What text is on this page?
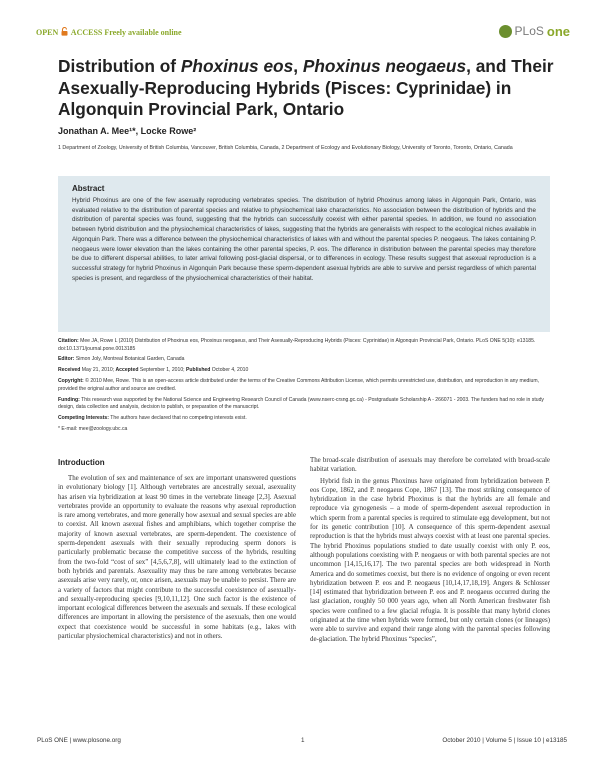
OPEN ACCESS Freely available online	PLoS one
Distribution of Phoxinus eos, Phoxinus neogaeus, and Their Asexually-Reproducing Hybrids (Pisces: Cyprinidae) in Algonquin Provincial Park, Ontario
Jonathan A. Mee¹*, Locke Rowe²
1 Department of Zoology, University of British Columbia, Vancouver, British Columbia, Canada, 2 Department of Ecology and Evolutionary Biology, University of Toronto, Toronto, Ontario, Canada
Abstract
Hybrid Phoxinus are one of the few asexually reproducing vertebrates species. The distribution of hybrid Phoxinus among lakes in Algonquin Park, Ontario, was evaluated relative to the distribution of parental species and relative to physiochemical lake characteristics. No association between the distribution of hybrids and the distribution of parental species was found, suggesting that the hybrids can successfully coexist with either parental species. In addition, we found no association between hybrid distribution and the physiochemical characteristics of lakes, suggesting that the hybrids are generalists with respect to the ecological niches available in Algonquin Park. There was a difference between the physiochemical characteristics of lakes with and without the parental species P. neogaeus. The lakes containing P. neogaeus were lower elevation than the lakes containing the other parental species, P. eos. The difference in distribution between the parental species may therefore be due to different dispersal abilities, to later arrival following post-glacial dispersal, or to differences in ecology. These results suggest that asexual reproduction is a successful strategy for hybrid Phoxinus in Algonquin Park because these sperm-dependent asexual hybrids are able to survive and persist regardless of which parental species is present, and regardless of the physiochemical characteristics of their habitat.

Citation: Mee JA, Rowe L (2010) Distribution of Phoxinus eos, Phoxinus neogaeus, and Their Asexually-Reproducing Hybrids (Pisces: Cyprinidae) in Algonquin Provincial Park, Ontario. PLoS ONE 5(10): e13185. doi:10.1371/journal.pone.0013185

Editor: Simon Joly, Montreal Botanical Garden, Canada

Received May 21, 2010; Accepted September 1, 2010; Published October 4, 2010

Copyright: © 2010 Mee, Rowe. This is an open-access article distributed under the terms of the Creative Commons Attribution License, which permits unrestricted use, distribution, and reproduction in any medium, provided the original author and source are credited.

Funding: This research was supported by the National Science and Engineering Research Council of Canada (www.nserc-crsng.gc.ca) - Postgraduate Scholarship A - 266071 - 2003. The funders had no role in study design, data collection and analysis, decision to publish, or preparation of the manuscript.

Competing Interests: The authors have declared that no competing interests exist.

* E-mail: mee@zoology.ubc.ca

Introduction

The evolution of sex and maintenance of sex are important unanswered questions in evolutionary biology [1]. Although vertebrates are ancestrally sexual, asexuality has arisen via hybridization at least 90 times in the vertebrate lineage [2,3]. Asexual vertebrates provide an opportunity to evaluate the reasons why asexual reproduction is rare among vertebrates, and more generally how asexual and sexual species are able to coexist. All known asexual fishes and amphibians, which together comprise the majority of known asexual vertebrates, are sperm-dependent. The coexistence of sperm-dependent asexuals with their sexually reproducing sperm donors is particularly problematic because the competitive success of the hybrids, resulting from the two-fold “cost of sex” [4,5,6,7,8], will ultimately lead to the extinction of both hybrids and parentals. Asexuality may thus be rare among vertebrates because asexuals arise very rarely, or, once arisen, asexuals may be unable to persist. There are a variety of factors that might contribute to the successful coexistence of asexually- and sexually-reproducing species [9,10,11,12]. One such factor is the existence of important ecological differences between the asexuals and sexuals. If these ecological differences are important in allowing the persistence of the asexuals, then one would expect that coexistence would be successful in some habitats (e.g., lakes with particular physiochemical characteristics) and not in others.

The broad-scale distribution of asexuals may therefore be correlated with broad-scale habitat variation.

Hybrid fish in the genus Phoxinus have originated from hybridization between P. eos Cope, 1862, and P. neogaeus Cope, 1867 [13]. The most striking consequence of hybridization in the case hybrid Phoxinus is that the hybrids are all female and reproduce via gynogenesis – a mode of sperm-dependent asexual reproduction in which sperm from a parental species is required to stimulate egg development, but not for its genetic contribution [10]. A consequence of this sperm-dependent asexual reproduction is that the hybrids must always coexist with at least one parental species. The hybrid Phoxinus populations studied to date usually coexist with only P. eos, although populations coexisting with P. neogaeus or with both parental species are not uncommon [14,15,16,17]. The two parental species are both widespread in North America and do sometimes coexist, but there is no evidence of ongoing or even recent hybridization between P. eos and P. neogaeus [10,14,17,18,19]. Angers & Schlosser [14] estimated that hybridization between P. eos and P. neogaeus occurred during the last glaciation, roughly 50 000 years ago, when all North American freshwater fish species were confined to a few glacial refugia. It is possible that many hybrid clones originated at the time when hybrids were formed, but only certain clones (or lineages) were able to survive and expand their range along with the parental species following de-glaciation. The hybrid Phoxinus “species”,

PLoS ONE | www.plosone.org	1	October 2010 | Volume 5 | Issue 10 | e13185
